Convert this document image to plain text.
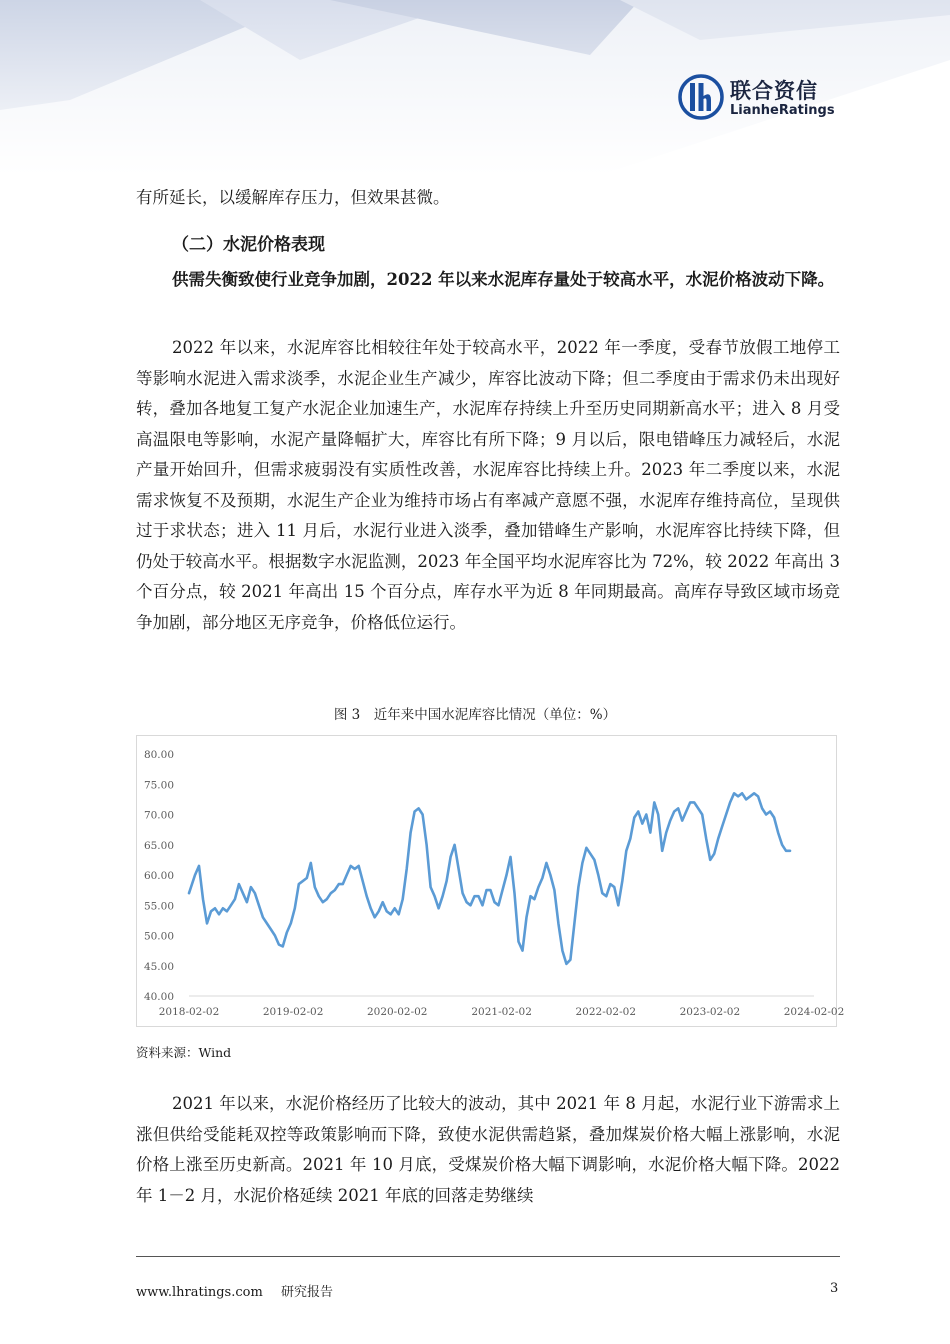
联合资信
LianheRatings
有所延长，以缓解库存压力，但效果甚微。
（二）水泥价格表现
供需失衡致使行业竞争加剧，2022 年以来水泥库存量处于较高水平，水泥价格波动下降。
2022 年以来，水泥库容比相较往年处于较高水平，2022 年一季度，受春节放假工地停工等影响水泥进入需求淡季，水泥企业生产减少，库容比波动下降；但二季度由于需求仍未出现好转，叠加各地复工复产水泥企业加速生产，水泥库存持续上升至历史同期新高水平；进入 8 月受高温限电等影响，水泥产量降幅扩大，库容比有所下降；9 月以后，限电错峰压力减轻后，水泥产量开始回升，但需求疲弱没有实质性改善，水泥库容比持续上升。2023 年二季度以来，水泥需求恢复不及预期，水泥生产企业为维持市场占有率减产意愿不强，水泥库存维持高位，呈现供过于求状态；进入 11 月后，水泥行业进入淡季，叠加错峰生产影响，水泥库容比持续下降，但仍处于较高水平。根据数字水泥监测，2023 年全国平均水泥库容比为 72%，较 2022 年高出 3 个百分点，较 2021 年高出 15 个百分点，库存水平为近 8 年同期最高。高库存导致区域市场竞争加剧，部分地区无序竞争，价格低位运行。
图 3　近年来中国水泥库容比情况（单位：%）
40.00
45.00
50.00
55.00
60.00
65.00
70.00
75.00
80.00
2018-02-02	2019-02-02	2020-02-02	2021-02-02	2022-02-02	2023-02-02	2024-02-02
资料来源：Wind
2021 年以来，水泥价格经历了比较大的波动，其中 2021 年 8 月起，水泥行业下游需求上涨但供给受能耗双控等政策影响而下降，致使水泥供需趋紧，叠加煤炭价格大幅上涨影响，水泥价格上涨至历史新高。2021 年 10 月底，受煤炭价格大幅下调影响，水泥价格大幅下降。2022 年 1－2 月，水泥价格延续 2021 年底的回落走势继续
www.lhratings.com 研究报告	3
